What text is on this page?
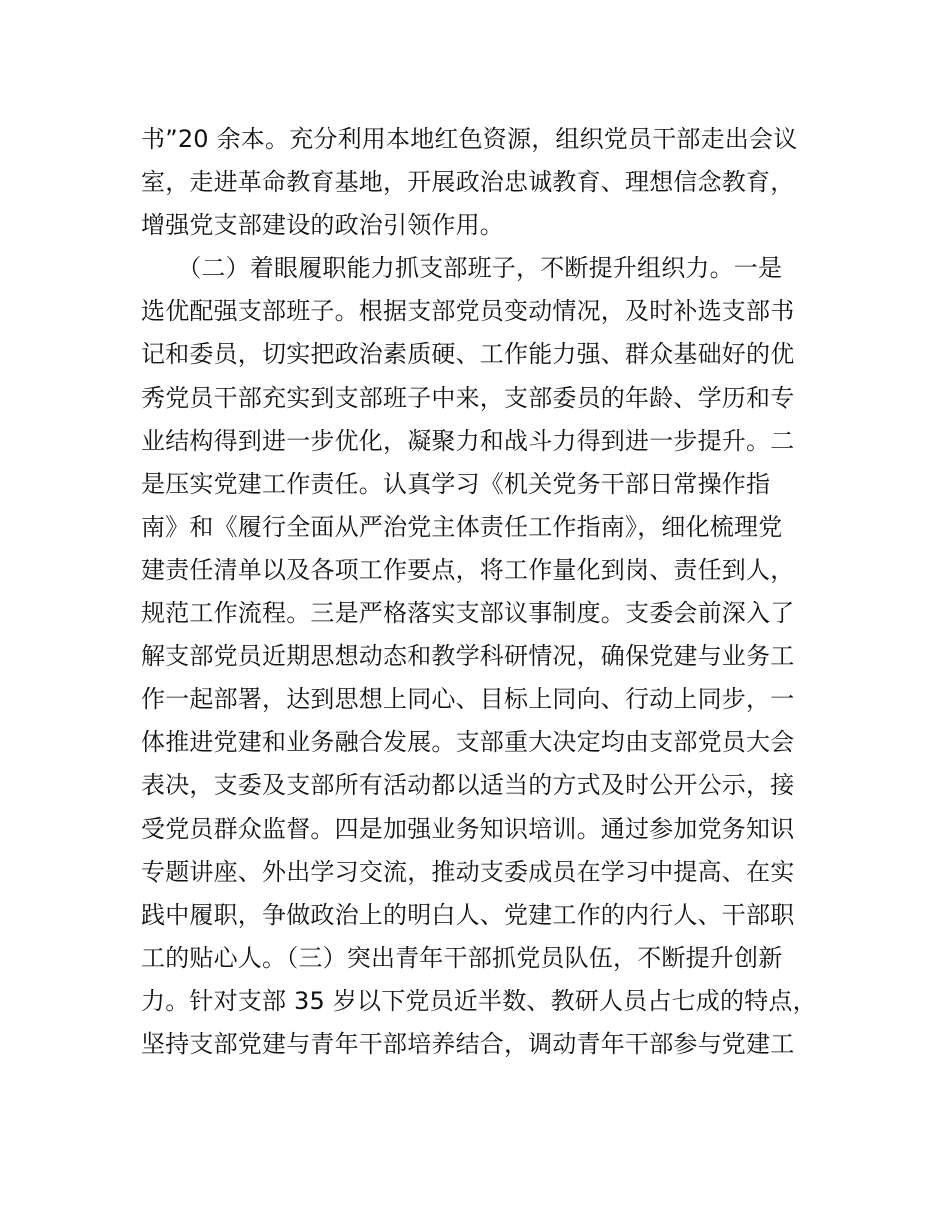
书”20 余本。充分利用本地红色资源，组织党员干部走出会议
室，走进革命教育基地，开展政治忠诚教育、理想信念教育，
增强党支部建设的政治引领作用。
　（二）着眼履职能力抓支部班子，不断提升组织力。一是
选优配强支部班子。根据支部党员变动情况，及时补选支部书
记和委员，切实把政治素质硬、工作能力强、群众基础好的优
秀党员干部充实到支部班子中来，支部委员的年龄、学历和专
业结构得到进一步优化，凝聚力和战斗力得到进一步提升。二
是压实党建工作责任。认真学习《机关党务干部日常操作指
南》和《履行全面从严治党主体责任工作指南》，细化梳理党
建责任清单以及各项工作要点，将工作量化到岗、责任到人，
规范工作流程。三是严格落实支部议事制度。支委会前深入了
解支部党员近期思想动态和教学科研情况，确保党建与业务工
作一起部署，达到思想上同心、目标上同向、行动上同步，一
体推进党建和业务融合发展。支部重大决定均由支部党员大会
表决，支委及支部所有活动都以适当的方式及时公开公示，接
受党员群众监督。四是加强业务知识培训。通过参加党务知识
专题讲座、外出学习交流，推动支委成员在学习中提高、在实
践中履职，争做政治上的明白人、党建工作的内行人、干部职
工的贴心人。（三）突出青年干部抓党员队伍，不断提升创新
力。针对支部 35 岁以下党员近半数、教研人员占七成的特点，
坚持支部党建与青年干部培养结合，调动青年干部参与党建工
